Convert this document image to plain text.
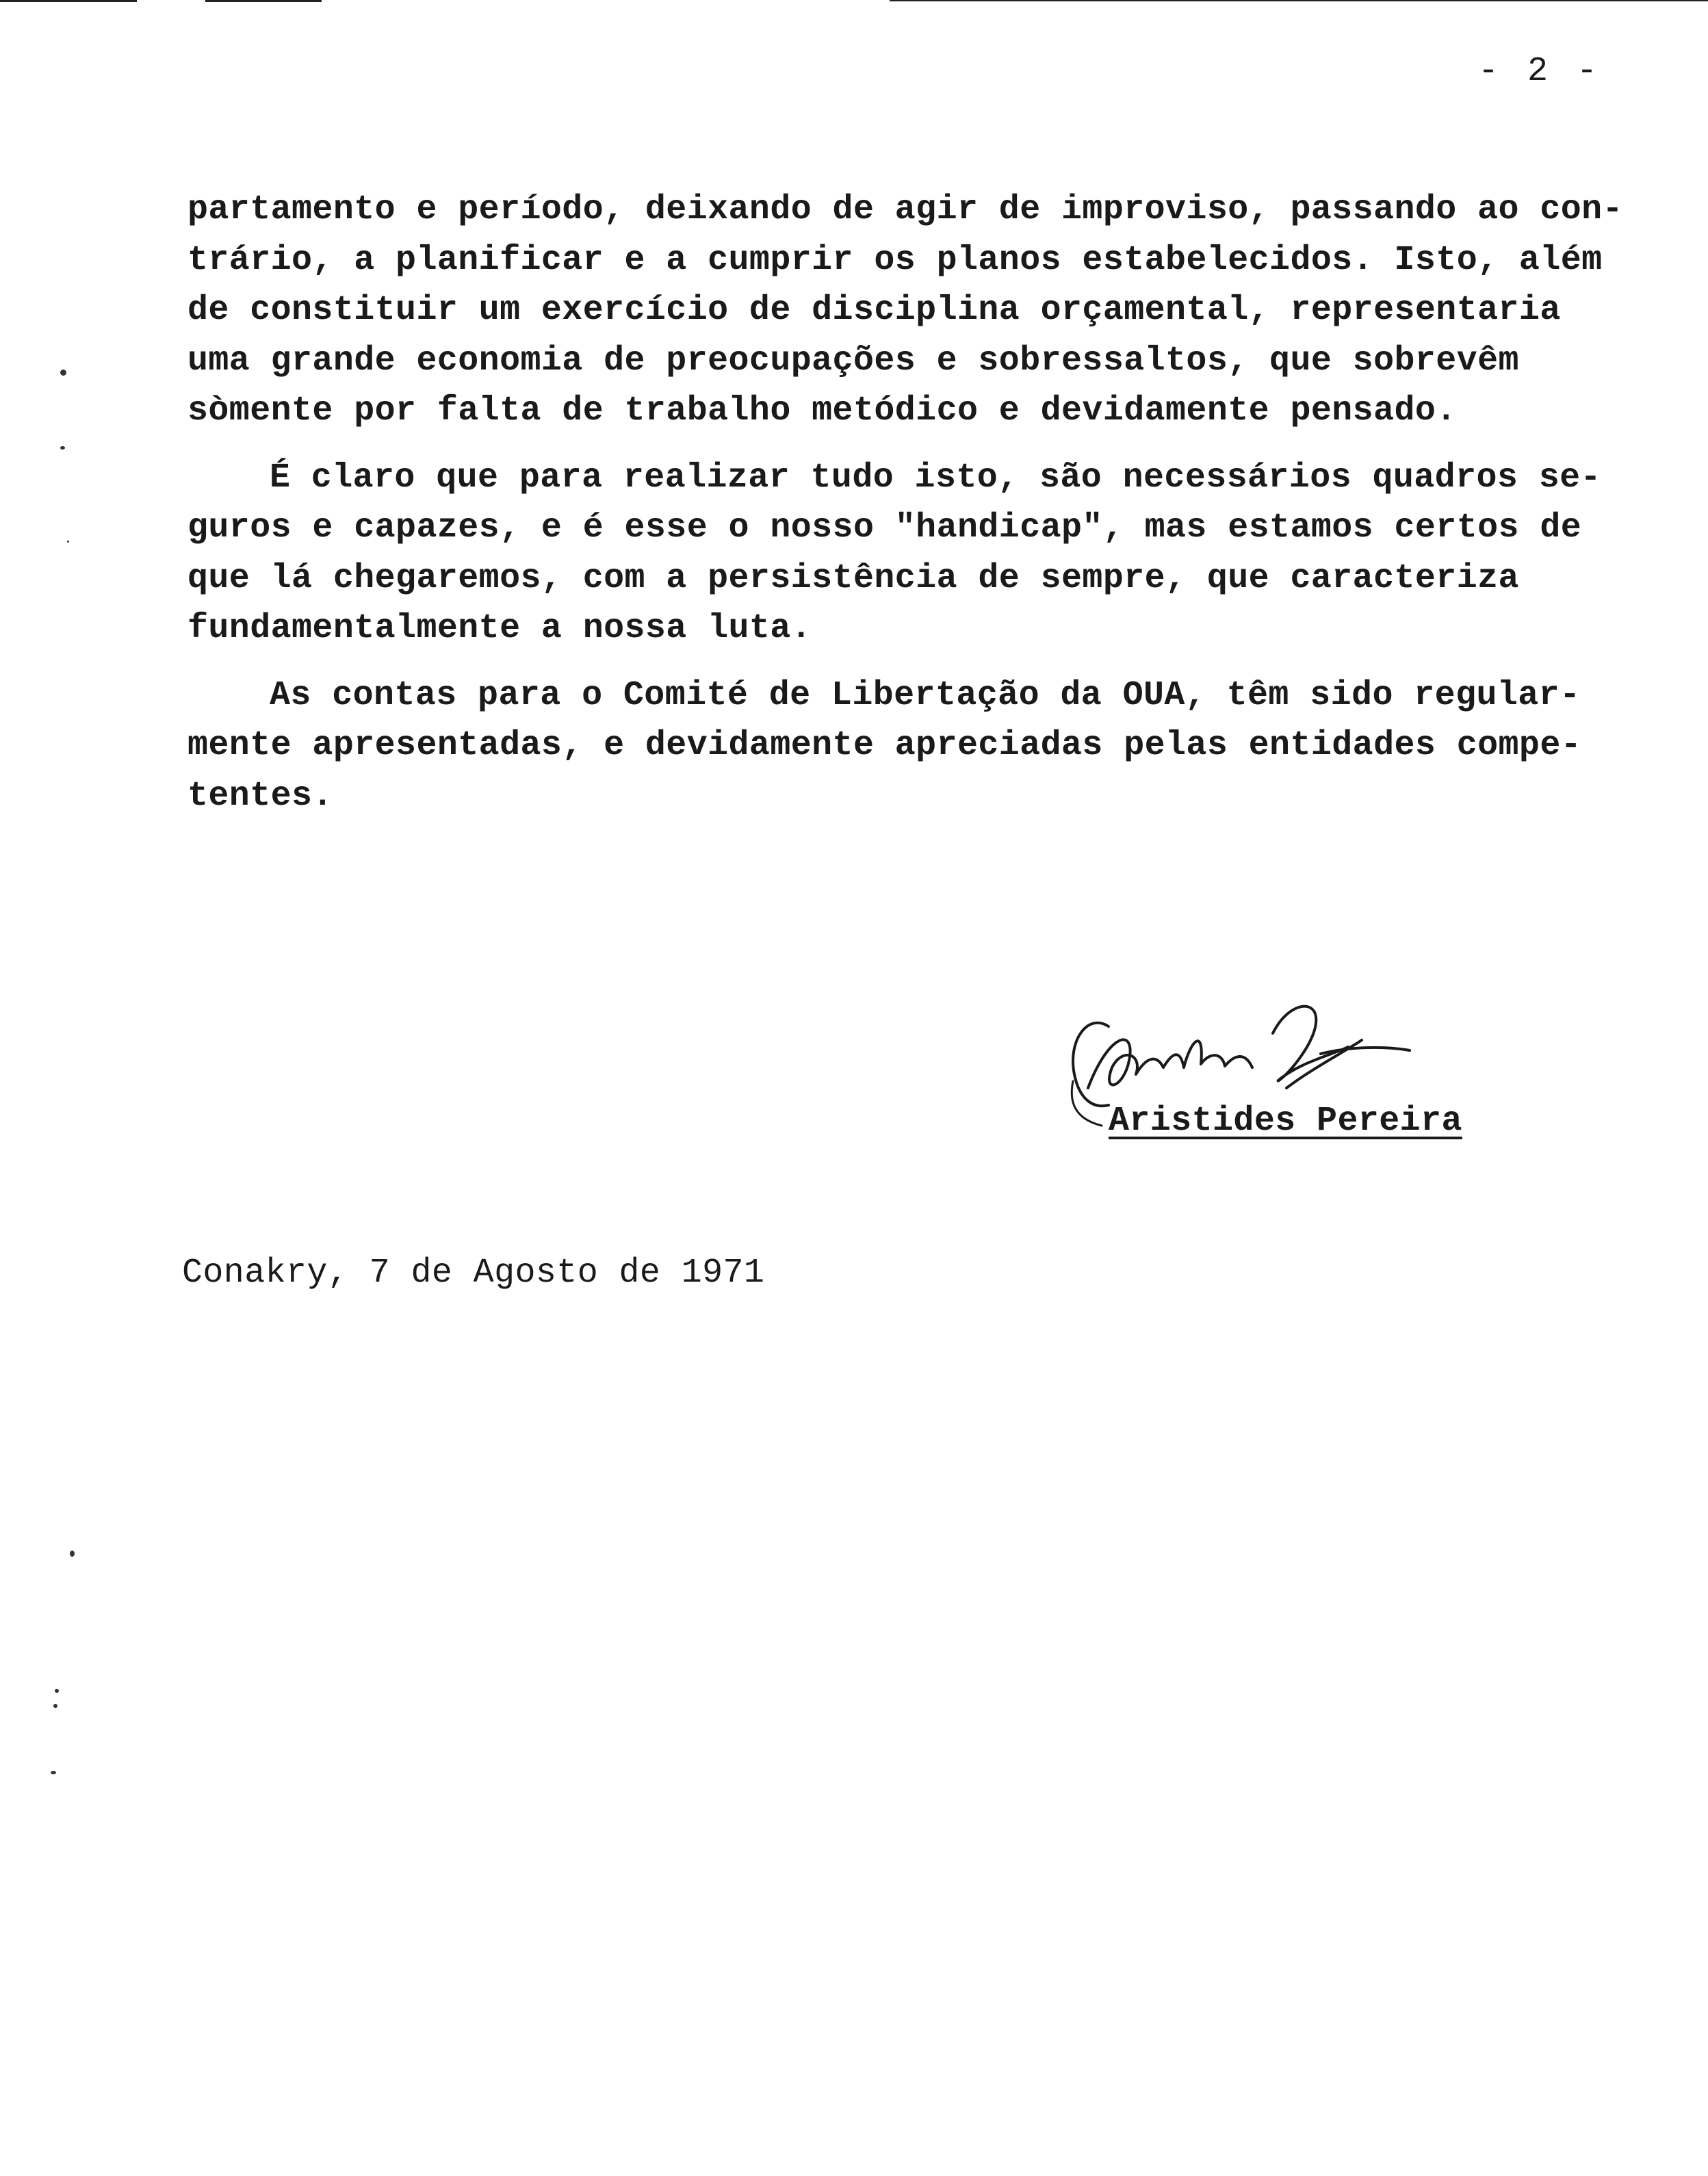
- 2 -
partamento e período, deixando de agir de improviso, passando ao con-
trário, a planificar e a cumprir os planos estabelecidos. Isto, além
de constituir um exercício de disciplina orçamental, representaria
uma grande economia de preocupações e sobressaltos, que sobrevêm
sòmente por falta de trabalho metódico e devidamente pensado.
É claro que para realizar tudo isto, são necessários quadros se-
guros e capazes, e é esse o nosso "handicap", mas estamos certos de
que lá chegaremos, com a persistência de sempre, que caracteriza
fundamentalmente a nossa luta.
As contas para o Comité de Libertação da OUA, têm sido regular-
mente apresentadas, e devidamente apreciadas pelas entidades compe-
tentes.
Aristides Pereira
Conakry, 7 de Agosto de 1971
